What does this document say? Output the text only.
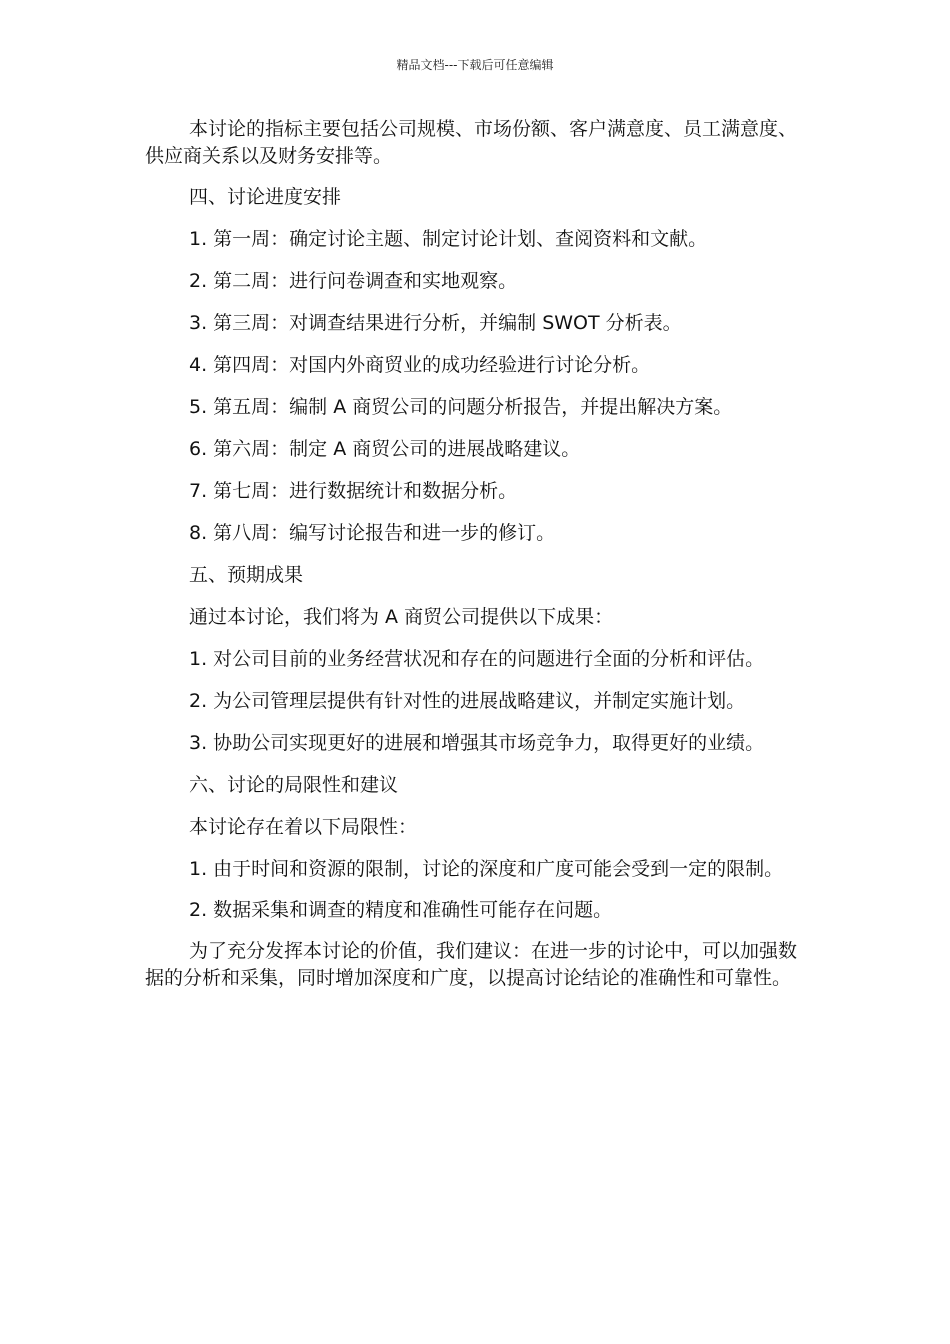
精品文档---下载后可任意编辑

本讨论的指标主要包括公司规模、市场份额、客户满意度、员工满意度、供应商关系以及财务安排等。

四、讨论进度安排

1. 第一周：确定讨论主题、制定讨论计划、查阅资料和文献。

2. 第二周：进行问卷调查和实地观察。

3. 第三周：对调查结果进行分析，并编制 SWOT 分析表。

4. 第四周：对国内外商贸业的成功经验进行讨论分析。

5. 第五周：编制 A 商贸公司的问题分析报告，并提出解决方案。

6. 第六周：制定 A 商贸公司的进展战略建议。

7. 第七周：进行数据统计和数据分析。

8. 第八周：编写讨论报告和进一步的修订。

五、预期成果

通过本讨论，我们将为 A 商贸公司提供以下成果：

1. 对公司目前的业务经营状况和存在的问题进行全面的分析和评估。

2. 为公司管理层提供有针对性的进展战略建议，并制定实施计划。

3. 协助公司实现更好的进展和增强其市场竞争力，取得更好的业绩。

六、讨论的局限性和建议

本讨论存在着以下局限性：

1. 由于时间和资源的限制，讨论的深度和广度可能会受到一定的限制。

2. 数据采集和调查的精度和准确性可能存在问题。

为了充分发挥本讨论的价值，我们建议：在进一步的讨论中，可以加强数据的分析和采集，同时增加深度和广度，以提高讨论结论的准确性和可靠性。
